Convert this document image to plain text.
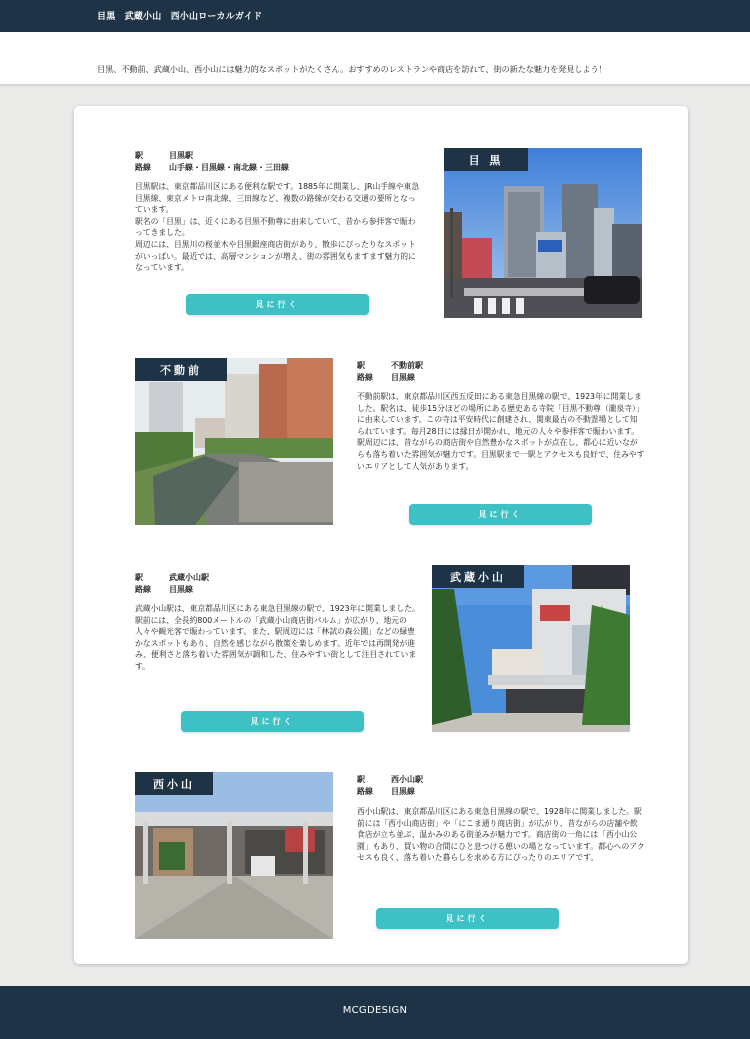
目黒　武蔵小山　西小山ローカルガイド
目黒、不動前、武蔵小山、西小山には魅力的なスポットがたくさん。おすすめのレストランや商店を訪れて、街の新たな魅力を発見しよう！
駅	目黒駅
路線	山手線・目黒線・南北線・三田線

目黒駅は、東京都品川区にある便利な駅です。1885年に開業し、JR山手線や東急目黒線、東京メトロ南北線、三田線など、複数の路線が交わる交通の要所となっています。

駅名の「目黒」は、近くにある目黒不動尊に由来していて、昔から参拝客で賑わってきました。

周辺には、目黒川の桜並木や目黒銀座商店街があり、散歩にぴったりなスポットがいっぱい。最近では、高層マンションが増え、街の雰囲気もますます魅力的になっています。

見に行く
目 黒
不動前	駅	不動前駅
路線	目黒線

不動前駅は、東京都品川区西五反田にある東急目黒線の駅で、1923年に開業しました。駅名は、徒歩15分ほどの場所にある歴史ある寺院「目黒不動尊（瀧泉寺）」に由来しています。この寺は平安時代に創建され、関東最古の不動霊場として知られています。毎月28日には縁日が開かれ、地元の人々や参拝客で賑わいます。

駅周辺には、昔ながらの商店街や自然豊かなスポットが点在し、都心に近いながらも落ち着いた雰囲気が魅力です。目黒駅まで一駅とアクセスも良好で、住みやすいエリアとして人気があります。

見に行く
駅	武蔵小山駅
路線	目黒線

武蔵小山駅は、東京都品川区にある東急目黒線の駅で、1923年に開業しました。駅前には、全長約800メートルの「武蔵小山商店街パルム」が広がり、地元の人々や観光客で賑わっています。また、駅周辺には「林試の森公園」などの緑豊かなスポットもあり、自然を感じながら散策を楽しめます。近年では再開発が進み、便利さと落ち着いた雰囲気が調和した、住みやすい街として注目されています。

見に行く
武蔵小山
西小山	駅	西小山駅
路線	目黒線

西小山駅は、東京都品川区にある東急目黒線の駅で、1928年に開業しました。駅前には「西小山商店街」や「にこま通り商店街」が広がり、昔ながらの店舗や飲食店が立ち並ぶ、温かみのある街並みが魅力です。商店街の一角には「西小山公園」もあり、買い物の合間にひと息つける憩いの場となっています。都心へのアクセスも良く、落ち着いた暮らしを求める方にぴったりのエリアです。

見に行く
MCGDESIGN
